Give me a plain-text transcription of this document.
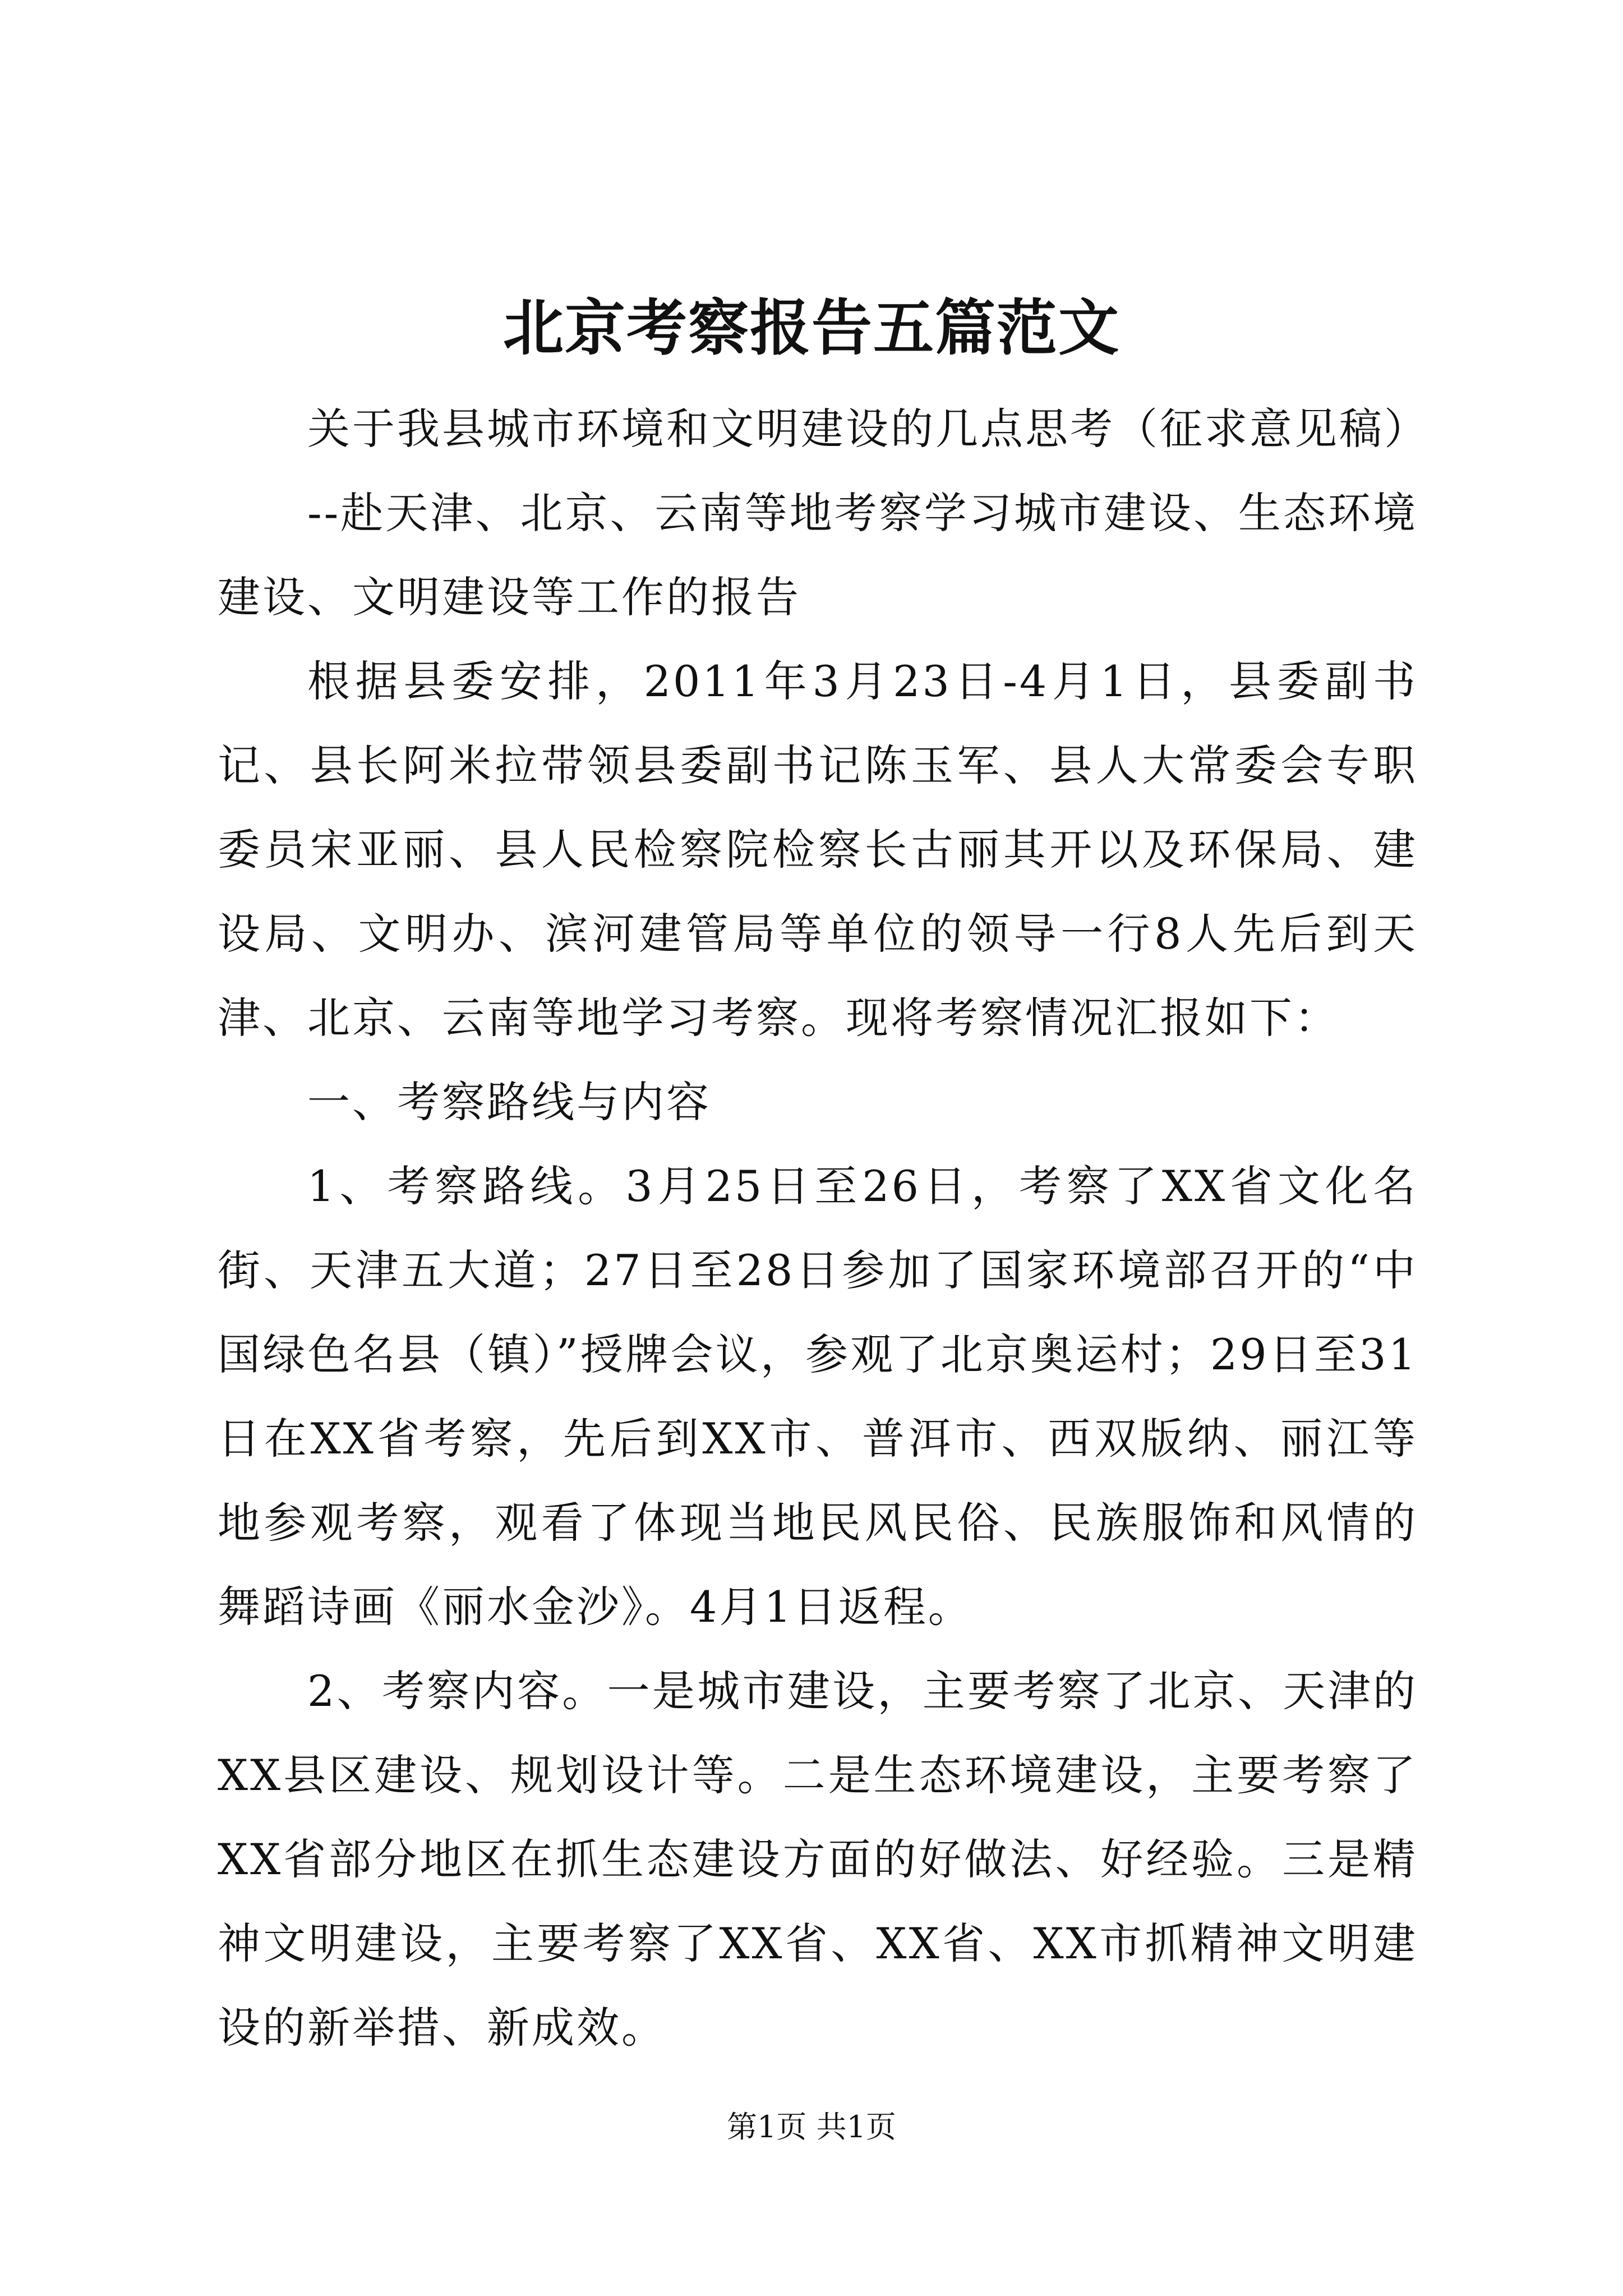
北京考察报告五篇范文

关于我县城市环境和文明建设的几点思考（征求意见稿）

--赴天津、北京、云南等地考察学习城市建设、生态环境建设、文明建设等工作的报告

根据县委安排，2011年3月23日-4月1日，县委副书记、县长阿米拉带领县委副书记陈玉军、县人大常委会专职委员宋亚丽、县人民检察院检察长古丽其开以及环保局、建设局、文明办、滨河建管局等单位的领导一行8人先后到天津、北京、云南等地学习考察。现将考察情况汇报如下：

一、考察路线与内容

1、考察路线。3月25日至26日，考察了XX省文化名街、天津五大道；27日至28日参加了国家环境部召开的“中国绿色名县（镇）”授牌会议，参观了北京奥运村；29日至31日在XX省考察，先后到XX市、普洱市、西双版纳、丽江等地参观考察，观看了体现当地民风民俗、民族服饰和风情的舞蹈诗画《丽水金沙》。4月1日返程。

2、考察内容。一是城市建设，主要考察了北京、天津的XX县区建设、规划设计等。二是生态环境建设，主要考察了XX省部分地区在抓生态建设方面的好做法、好经验。三是精神文明建设，主要考察了XX省、XX省、XX市抓精神文明建设的新举措、新成效。

第1页 共1页
